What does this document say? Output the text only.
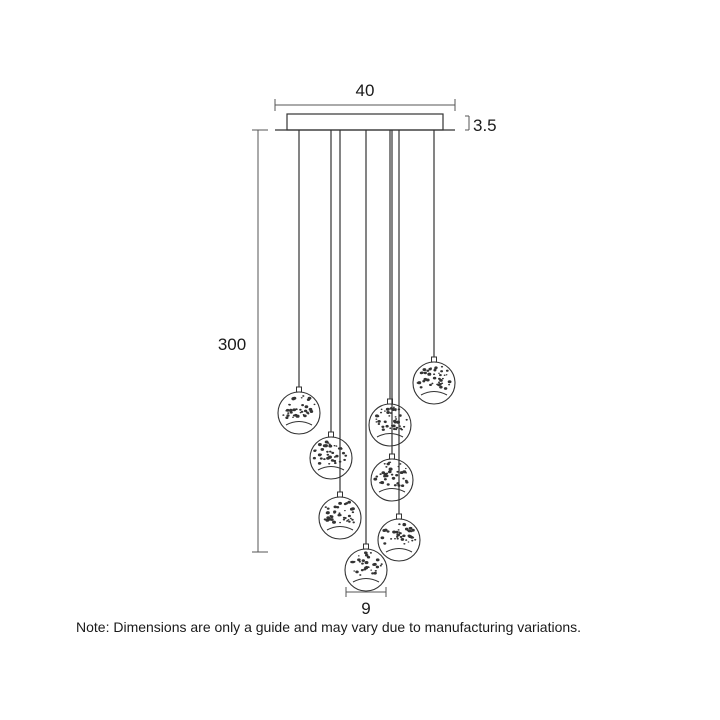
40
3.5
300
9
Note: Dimensions are only a guide and may vary due to manufacturing variations.
